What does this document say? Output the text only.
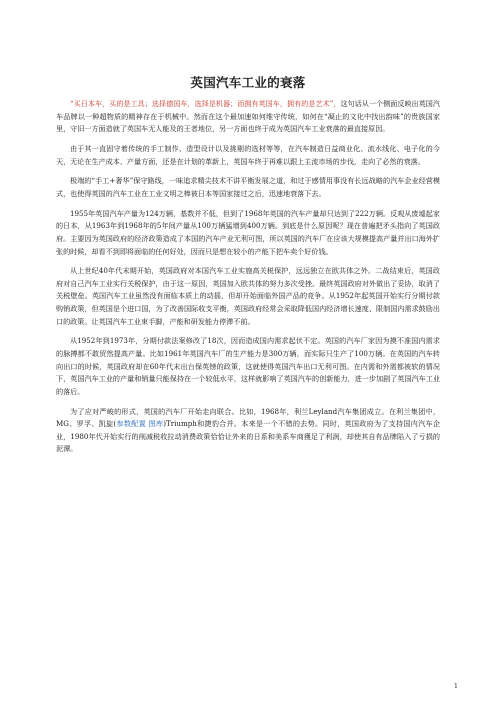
英国汽车工业的衰落

“买日本车，买的是工具；选择德国车，选择是机器；而拥有英国车，拥有的是艺术”，这句话从一个侧面反映出英国汽车品牌以一种超物质的精神存在于机械中。然而在这个最加速如何维守传统，如何在“凝止的文化中找出韵味”的贵族国家里，守旧一方面造就了英国车无人能及的王者地位，另一方面也终于成为英国汽车工业衰落的最直接原因。

由于其一直固守着传统的手工制作、造型设计以及挑剔的选材等等，在汽车制造日益商业化、流水线化、电子化的今天，无论在生产成本、产量方面，还是在计划的革新上，英国车终于再难以跟上主流市场的步伐，走向了必然的衰落。

极端的“手工+奢华”保守路线，一味追求精尖技术不讲平衡发展之道，和过于感情用事没有长远战略的汽车企业经营模式，也使得英国的汽车工业在工业文明之棒被日本等国家接过之后，迅速地衰落下去。

1955年英国汽车产量为124万辆，基数并不低，但到了1968年英国的汽车产量却只达到了222万辆。反观从废墟起家的日本，从1963年到1968年的5年间产量从100万辆猛增到400万辆。到底是什么原因呢？现在普遍把矛头指向了英国政府。主要因为英国政府的经济政策造成了本国的汽车产业无利可图，所以英国的汽车厂在应该大规模提高产量并出口海外扩张的时候，却看不到即将面临的任何好处，因而只是想在较小的产能下把车卖个好价钱。

从上世纪40年代末期开始，英国政府对本国汽车工业实施高关税保护，远远独立在欧共体之外。二战结束后，英国政府对自己汽车工业实行关税保护，由于这一原因，英国加入欧共体的努力多次受挫。最终英国政府对外做出了妥协，取消了关税壁垒。英国汽车工业虽然没有面临本质上的动摇，但却开始面临外国产品的竞争。从1952年起英国开始实行分期付款购销政策，但英国是个进口国，为了改善国际收支平衡，英国政府经常会采取降低国内经济增长速度、限制国内需求鼓励出口的政策。让英国汽车工业束手脚，产能和研发能力停滞不前。

从1952年到1973年，分期付款法案修改了18次，因而造成国内需求起伏不定。英国的汽车厂家因为摸不准国内需求的脉搏都不敢贸然提高产量。比如1961年英国汽车厂的生产能力是300万辆，而实际只生产了100万辆。在英国的汽车转向出口的时候，英国政府却在60年代末出台保英镑的政策，这就使得英国汽车出口无利可图。在内需和外需都被软的情况下，英国汽车工业的产量和销量只能保持在一个较低水平，这样就影响了英国汽车的创新能力，进一步加剧了英国汽车工业的落后。

为了应对严峻的形式，英国的汽车厂开始走向联合。比如，1968年，利兰Leyland汽车集团成立。在利兰集团中，MG、罗孚、凯旋(参数配置 图库)Triumph和捷豹合并。本来是一个不错的去势。同时，英国政府为了支持国内汽车企业，1980年代开始实行的削减税收拉动消费政策恰恰让外来的日系和美系车商獲足了利润，却使其自有品牌陷入了亏损的泥潭。

1
